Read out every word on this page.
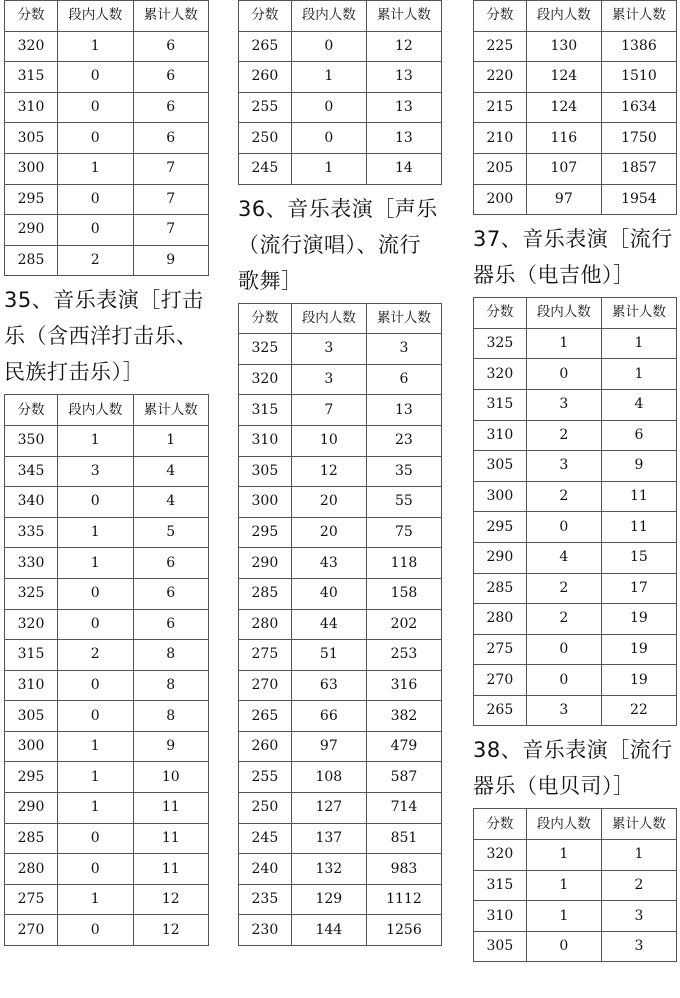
分数	段内人数	累计人数
320	1	6
315	0	6
310	0	6
305	0	6
300	1	7
295	0	7
290	0	7
285	2	9

35、音乐表演［打击

乐（含西洋打击乐、

民族打击乐）］

分数	段内人数	累计人数
350	1	1
345	3	4
340	0	4
335	1	5
330	1	6
325	0	6
320	0	6
315	2	8
310	0	8
305	0	8
300	1	9
295	1	10
290	1	11
285	0	11
280	0	11
275	1	12
270	0	12
分数	段内人数	累计人数
265	0	12
260	1	13
255	0	13
250	0	13
245	1	14

36、音乐表演［声乐

（流行演唱）、流行

歌舞］

分数	段内人数	累计人数
325	3	3
320	3	6
315	7	13
310	10	23
305	12	35
300	20	55
295	20	75
290	43	118
285	40	158
280	44	202
275	51	253
270	63	316
265	66	382
260	97	479
255	108	587
250	127	714
245	137	851
240	132	983
235	129	1112
230	144	1256
分数	段内人数	累计人数
225	130	1386
220	124	1510
215	124	1634
210	116	1750
205	107	1857
200	97	1954

37、音乐表演［流行

器乐（电吉他）］

分数	段内人数	累计人数
325	1	1
320	0	1
315	3	4
310	2	6
305	3	9
300	2	11
295	0	11
290	4	15
285	2	17
280	2	19
275	0	19
270	0	19
265	3	22

38、音乐表演［流行

器乐（电贝司）］

分数	段内人数	累计人数
320	1	1
315	1	2
310	1	3
305	0	3
